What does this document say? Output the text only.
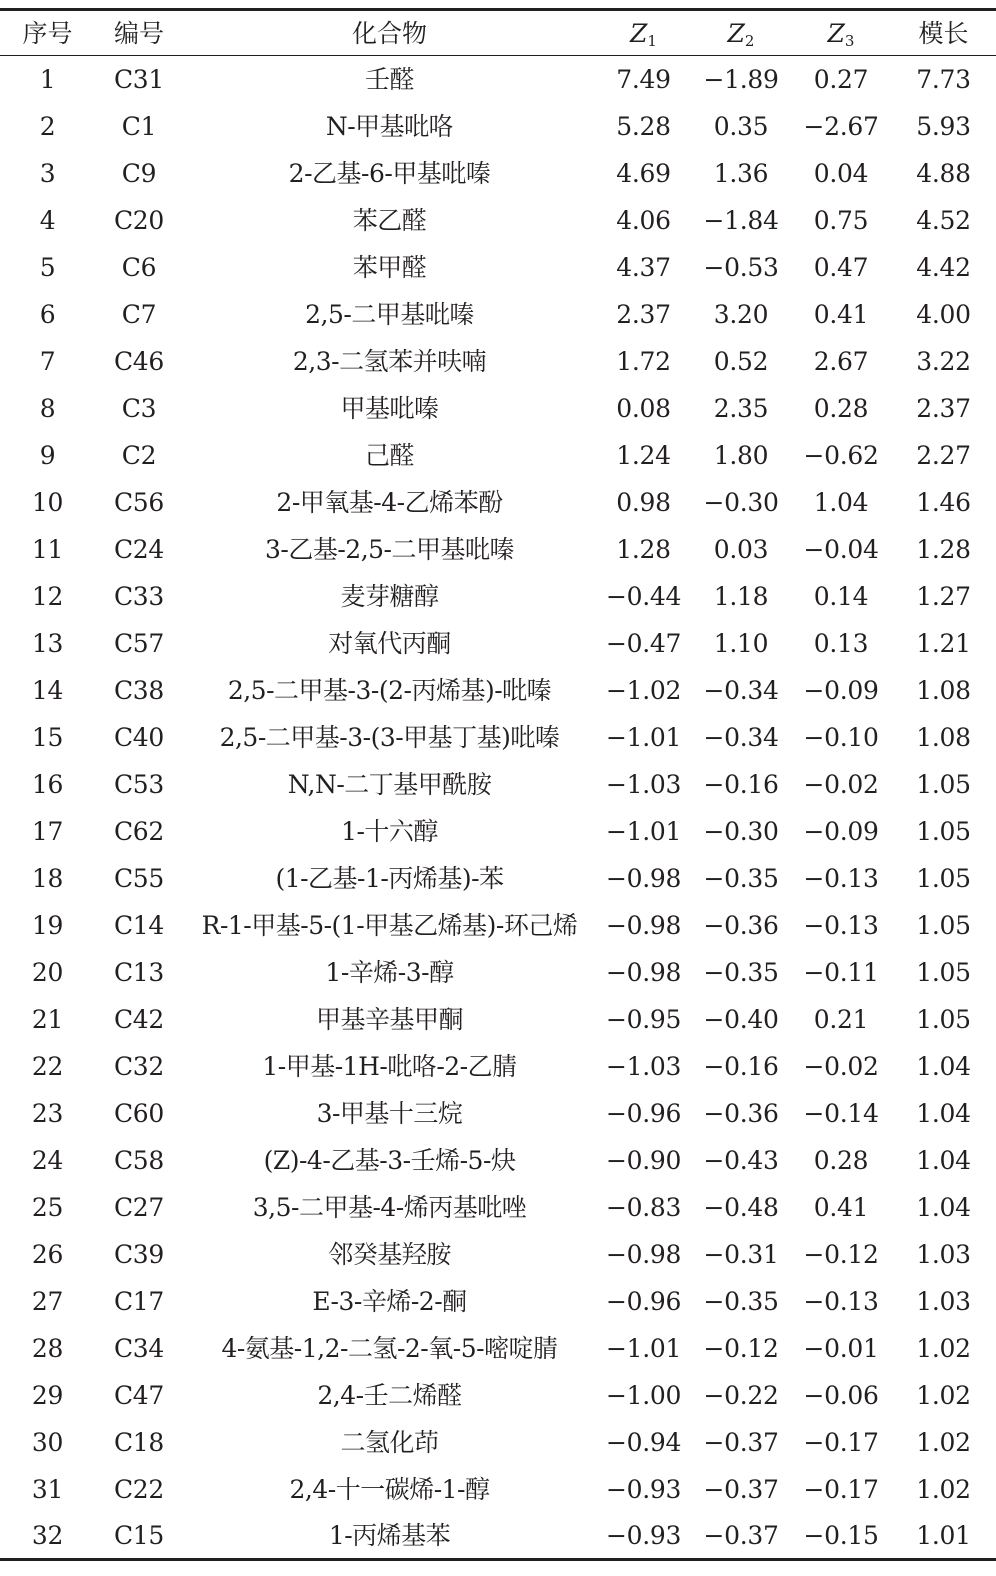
序号	编号	化合物	$Z_1$	$Z_2$	$Z_3$	模长
1	C31	壬醛	7.49	−1.89	0.27	7.73
2	C1	N-甲基吡咯	5.28	0.35	−2.67	5.93
3	C9	2-乙基-6-甲基吡嗪	4.69	1.36	0.04	4.88
4	C20	苯乙醛	4.06	−1.84	0.75	4.52
5	C6	苯甲醛	4.37	−0.53	0.47	4.42
6	C7	2,5-二甲基吡嗪	2.37	3.20	0.41	4.00
7	C46	2,3-二氢苯并呋喃	1.72	0.52	2.67	3.22
8	C3	甲基吡嗪	0.08	2.35	0.28	2.37
9	C2	己醛	1.24	1.80	−0.62	2.27
10	C56	2-甲氧基-4-乙烯苯酚	0.98	−0.30	1.04	1.46
11	C24	3-乙基-2,5-二甲基吡嗪	1.28	0.03	−0.04	1.28
12	C33	麦芽糖醇	−0.44	1.18	0.14	1.27
13	C57	对氧代丙酮	−0.47	1.10	0.13	1.21
14	C38	2,5-二甲基-3-(2-丙烯基)-吡嗪	−1.02	−0.34	−0.09	1.08
15	C40	2,5-二甲基-3-(3-甲基丁基)吡嗪	−1.01	−0.34	−0.10	1.08
16	C53	N,N-二丁基甲酰胺	−1.03	−0.16	−0.02	1.05
17	C62	1-十六醇	−1.01	−0.30	−0.09	1.05
18	C55	(1-乙基-1-丙烯基)-苯	−0.98	−0.35	−0.13	1.05
19	C14	R-1-甲基-5-(1-甲基乙烯基)-环己烯	−0.98	−0.36	−0.13	1.05
20	C13	1-辛烯-3-醇	−0.98	−0.35	−0.11	1.05
21	C42	甲基辛基甲酮	−0.95	−0.40	0.21	1.05
22	C32	1-甲基-1H-吡咯-2-乙腈	−1.03	−0.16	−0.02	1.04
23	C60	3-甲基十三烷	−0.96	−0.36	−0.14	1.04
24	C58	(Z)-4-乙基-3-壬烯-5-炔	−0.90	−0.43	0.28	1.04
25	C27	3,5-二甲基-4-烯丙基吡唑	−0.83	−0.48	0.41	1.04
26	C39	邻癸基羟胺	−0.98	−0.31	−0.12	1.03
27	C17	E-3-辛烯-2-酮	−0.96	−0.35	−0.13	1.03
28	C34	4-氨基-1,2-二氢-2-氧-5-嘧啶腈	−1.01	−0.12	−0.01	1.02
29	C47	2,4-壬二烯醛	−1.00	−0.22	−0.06	1.02
30	C18	二氢化茚	−0.94	−0.37	−0.17	1.02
31	C22	2,4-十一碳烯-1-醇	−0.93	−0.37	−0.17	1.02
32	C15	1-丙烯基苯	−0.93	−0.37	−0.15	1.01
